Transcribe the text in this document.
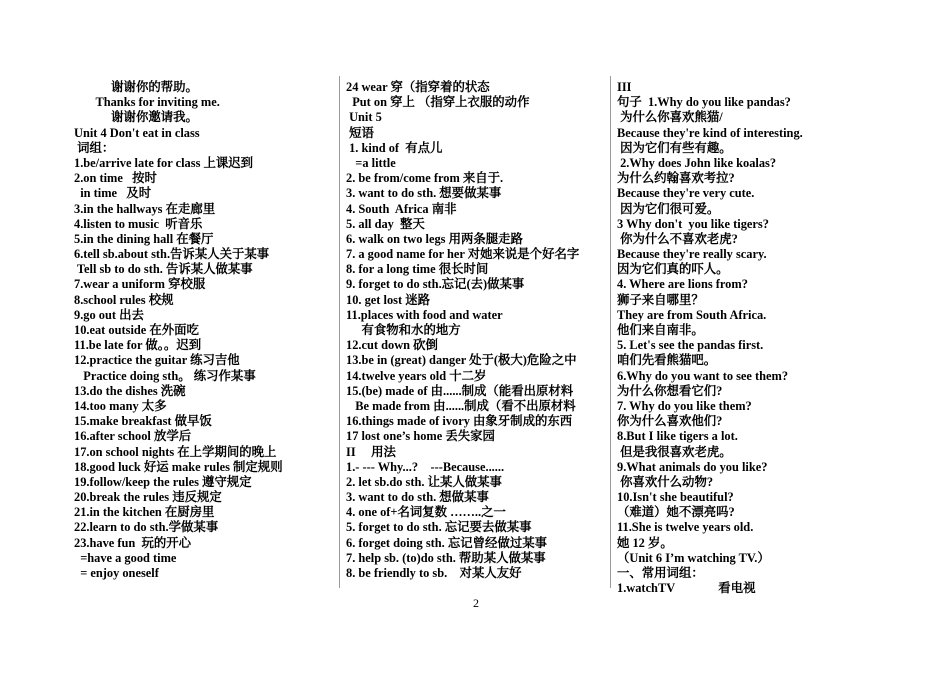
谢谢你的帮助。
Thanks for inviting me.
谢谢你邀请我。
Unit 4 Don't eat in class
词组：
1.be/arrive late for class 上课迟到
2.on time   按时
in time   及时
3.in the hallways 在走廊里
4.listen to music  听音乐
5.in the dining hall 在餐厅
6.tell sb.about sth.告诉某人关于某事
Tell sb to do sth. 告诉某人做某事
7.wear a uniform 穿校服
8.school rules 校规
9.go out 出去
10.eat outside 在外面吃
11.be late for 做。。迟到
12.practice the guitar 练习吉他
Practice doing sth。 练习作某事
13.do the dishes 洗碗
14.too many 太多
15.make breakfast 做早饭
16.after school 放学后
17.on school nights 在上学期间的晚上
18.good luck 好运 make rules 制定规则
19.follow/keep the rules 遵守规定
20.break the rules 违反规定
21.in the kitchen 在厨房里
22.learn to do sth.学做某事
23.have fun  玩的开心
=have a good time
= enjoy oneself
24 wear 穿（指穿着的状态
Put on 穿上 （指穿上衣服的动作
Unit 5
短语
1. kind of  有点儿
=a little
2. be from/come from 来自于.
3. want to do sth. 想要做某事
4. South  Africa 南非
5. all day  整天
6. walk on two legs 用两条腿走路
7. a good name for her 对她来说是个好名字
8. for a long time 很长时间
9. forget to do sth.忘记(去)做某事
10. get lost 迷路
11.places with food and water
有食物和水的地方
12.cut down 砍倒
13.be in (great) danger 处于(极大)危险之中
14.twelve years old 十二岁
15.(be) made of 由......制成（能看出原材料
Be made from 由......制成（看不出原材料
16.things made of ivory 由象牙制成的东西
17 lost one’s home 丢失家园
II     用法
1.- --- Why...?    ---Because......
2. let sb.do sth. 让某人做某事
3. want to do sth. 想做某事
4. one of+名词复数 ……..之一
5. forget to do sth. 忘记要去做某事
6. forget doing sth. 忘记曾经做过某事
7. help sb. (to)do sth. 帮助某人做某事
8. be friendly to sb.    对某人友好
III
句子  1.Why do you like pandas?
为什么你喜欢熊猫/
Because they're kind of interesting.
因为它们有些有趣。
2.Why does John like koalas?
为什么约翰喜欢考拉?
Because they're very cute.
因为它们很可爱。
3 Why don't  you like tigers?
你为什么不喜欢老虎?
Because they're really scary.
因为它们真的吓人。
4. Where are lions from?
狮子来自哪里？
They are from South Africa.
他们来自南非。
5. Let's see the pandas first.
咱们先看熊猫吧。
6.Why do you want to see them?
为什么你想看它们?
7. Why do you like them?
你为什么喜欢他们?
8.But I like tigers a lot.
但是我很喜欢老虎。
9.What animals do you like?
你喜欢什么动物?
10.Isn't she beautiful?
（难道）她不漂亮吗?
11.She is twelve years old.
她 12 岁。
（Unit 6 I’m watching TV.）
一、常用词组：
1.watchTV              看电视
2
